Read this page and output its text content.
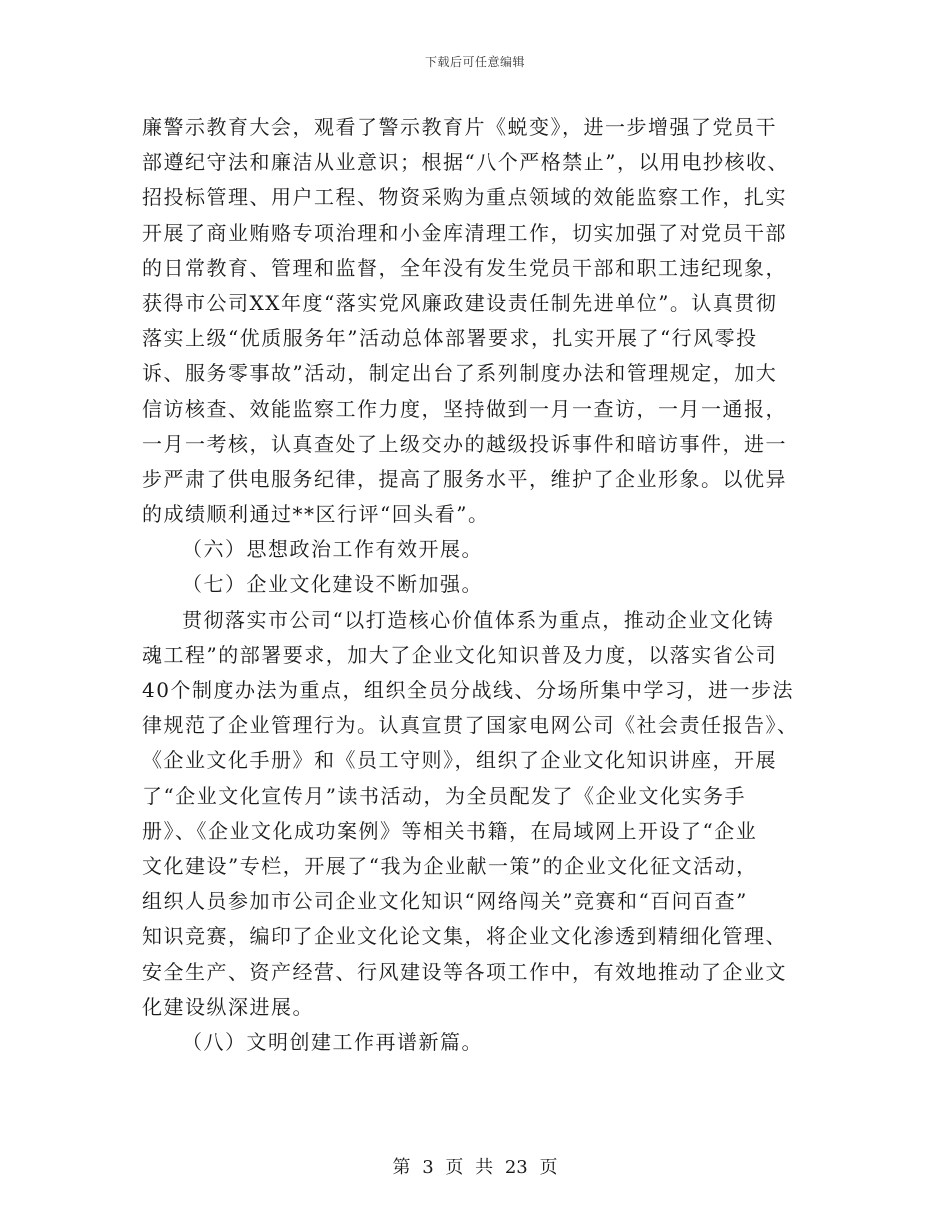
下载后可任意编辑
廉警示教育大会，观看了警示教育片《蜕变》，进一步增强了党员干
部遵纪守法和廉洁从业意识；根据“八个严格禁止”，以用电抄核收、
招投标管理、用户工程、物资采购为重点领域的效能监察工作，扎实
开展了商业贿赂专项治理和小金库清理工作，切实加强了对党员干部
的日常教育、管理和监督，全年没有发生党员干部和职工违纪现象，
获得市公司XX年度“落实党风廉政建设责任制先进单位”。认真贯彻
落实上级“优质服务年”活动总体部署要求，扎实开展了“行风零投
诉、服务零事故”活动，制定出台了系列制度办法和管理规定，加大
信访核查、效能监察工作力度，坚持做到一月一查访，一月一通报，
一月一考核，认真查处了上级交办的越级投诉事件和暗访事件，进一
步严肃了供电服务纪律，提高了服务水平，维护了企业形象。以优异
的成绩顺利通过**区行评“回头看”。
（六）思想政治工作有效开展。
（七）企业文化建设不断加强。
贯彻落实市公司“以打造核心价值体系为重点，推动企业文化铸
魂工程”的部署要求，加大了企业文化知识普及力度，以落实省公司
40个制度办法为重点，组织全员分战线、分场所集中学习，进一步法
律规范了企业管理行为。认真宣贯了国家电网公司《社会责任报告》、
《企业文化手册》和《员工守则》，组织了企业文化知识讲座，开展
了“企业文化宣传月”读书活动，为全员配发了《企业文化实务手
册》、《企业文化成功案例》等相关书籍，在局域网上开设了“企业
文化建设”专栏，开展了“我为企业献一策”的企业文化征文活动，
组织人员参加市公司企业文化知识“网络闯关”竞赛和“百问百查”
知识竞赛，编印了企业文化论文集，将企业文化渗透到精细化管理、
安全生产、资产经营、行风建设等各项工作中，有效地推动了企业文
化建设纵深进展。
（八）文明创建工作再谱新篇。
第 3 页 共 23 页
